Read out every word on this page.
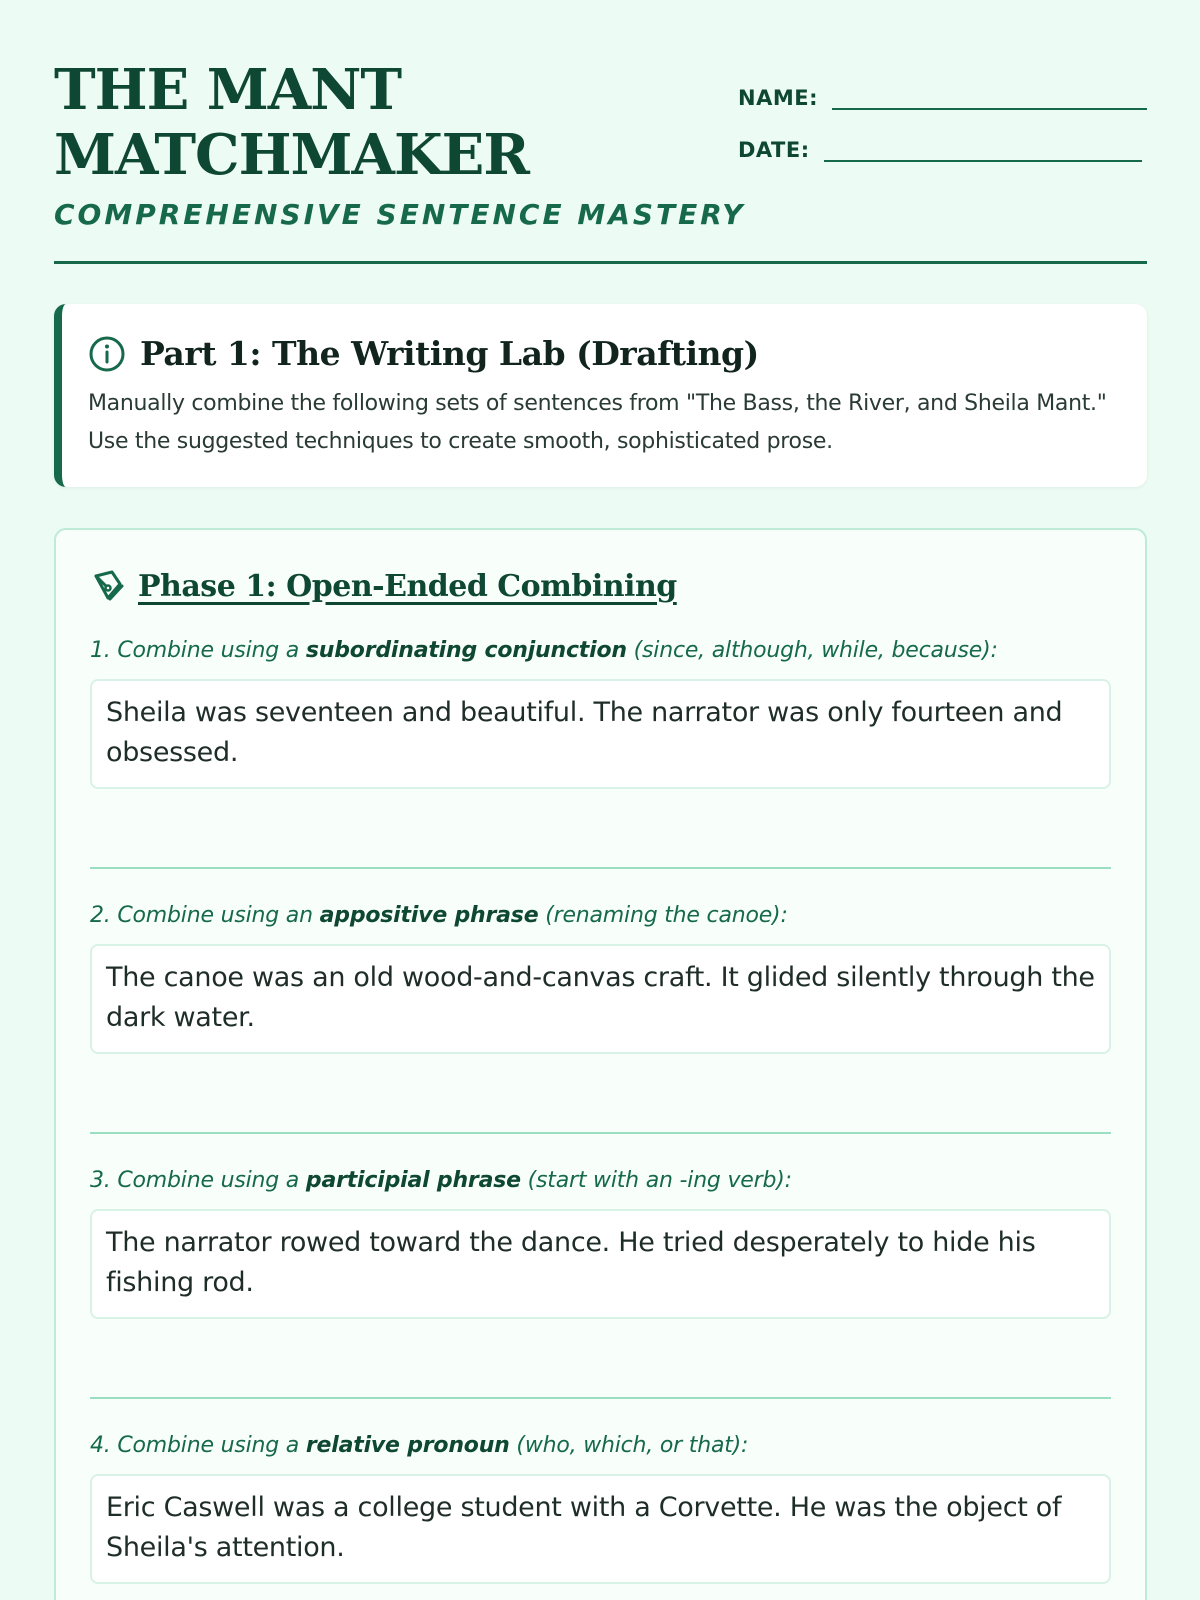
THE MANT MATCHMAKER
COMPREHENSIVE SENTENCE MASTERY
NAME:
DATE:
Part 1: The Writing Lab (Drafting)

Manually combine the following sets of sentences from "The Bass, the River, and Sheila Mant." Use the suggested techniques to create smooth, sophisticated prose.

Phase 1: Open-Ended Combining

1. Combine using a subordinating conjunction (since, although, while, because):

Sheila was seventeen and beautiful. The narrator was only fourteen and obsessed.

2. Combine using an appositive phrase (renaming the canoe):

The canoe was an old wood-and-canvas craft. It glided silently through the dark water.

3. Combine using a participial phrase (start with an -ing verb):

The narrator rowed toward the dance. He tried desperately to hide his fishing rod.

4. Combine using a relative pronoun (who, which, or that):

Eric Caswell was a college student with a Corvette. He was the object of Sheila's attention.
